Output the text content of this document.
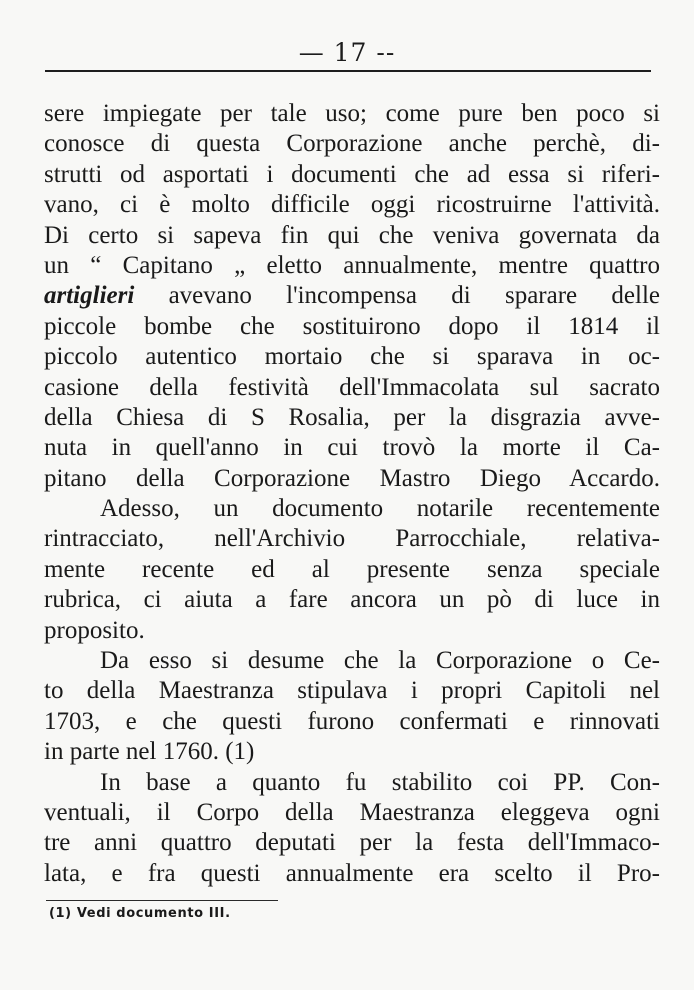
— 17 --
sere impiegate per tale uso; come pure ben poco si
conosce di questa Corporazione anche perchè, di-
strutti od asportati i documenti che ad essa si riferi-
vano, ci è molto difficile oggi ricostruirne l'attività.
Di certo si sapeva fin qui che veniva governata da
un “ Capitano „ eletto annualmente, mentre quattro
artiglieri avevano l'incompensa di sparare delle
piccole bombe che sostituirono dopo il 1814 il
piccolo autentico mortaio che si sparava in oc-
casione della festività dell'Immacolata sul sacrato
della Chiesa di S Rosalia, per la disgrazia avve-
nuta in quell'anno in cui trovò la morte il Ca-
pitano della Corporazione Mastro Diego Accardo.
Adesso, un documento notarile recentemente
rintracciato, nell'Archivio Parrocchiale, relativa-
mente recente ed al presente senza speciale
rubrica, ci aiuta a fare ancora un pò di luce in
proposito.
Da esso si desume che la Corporazione o Ce-
to della Maestranza stipulava i propri Capitoli nel
1703, e che questi furono confermati e rinnovati
in parte nel 1760. (1)
In base a quanto fu stabilito coi PP. Con-
ventuali, il Corpo della Maestranza eleggeva ogni
tre anni quattro deputati per la festa dell'Immaco-
lata, e fra questi annualmente era scelto il Pro-
(1) Vedi documento III.
